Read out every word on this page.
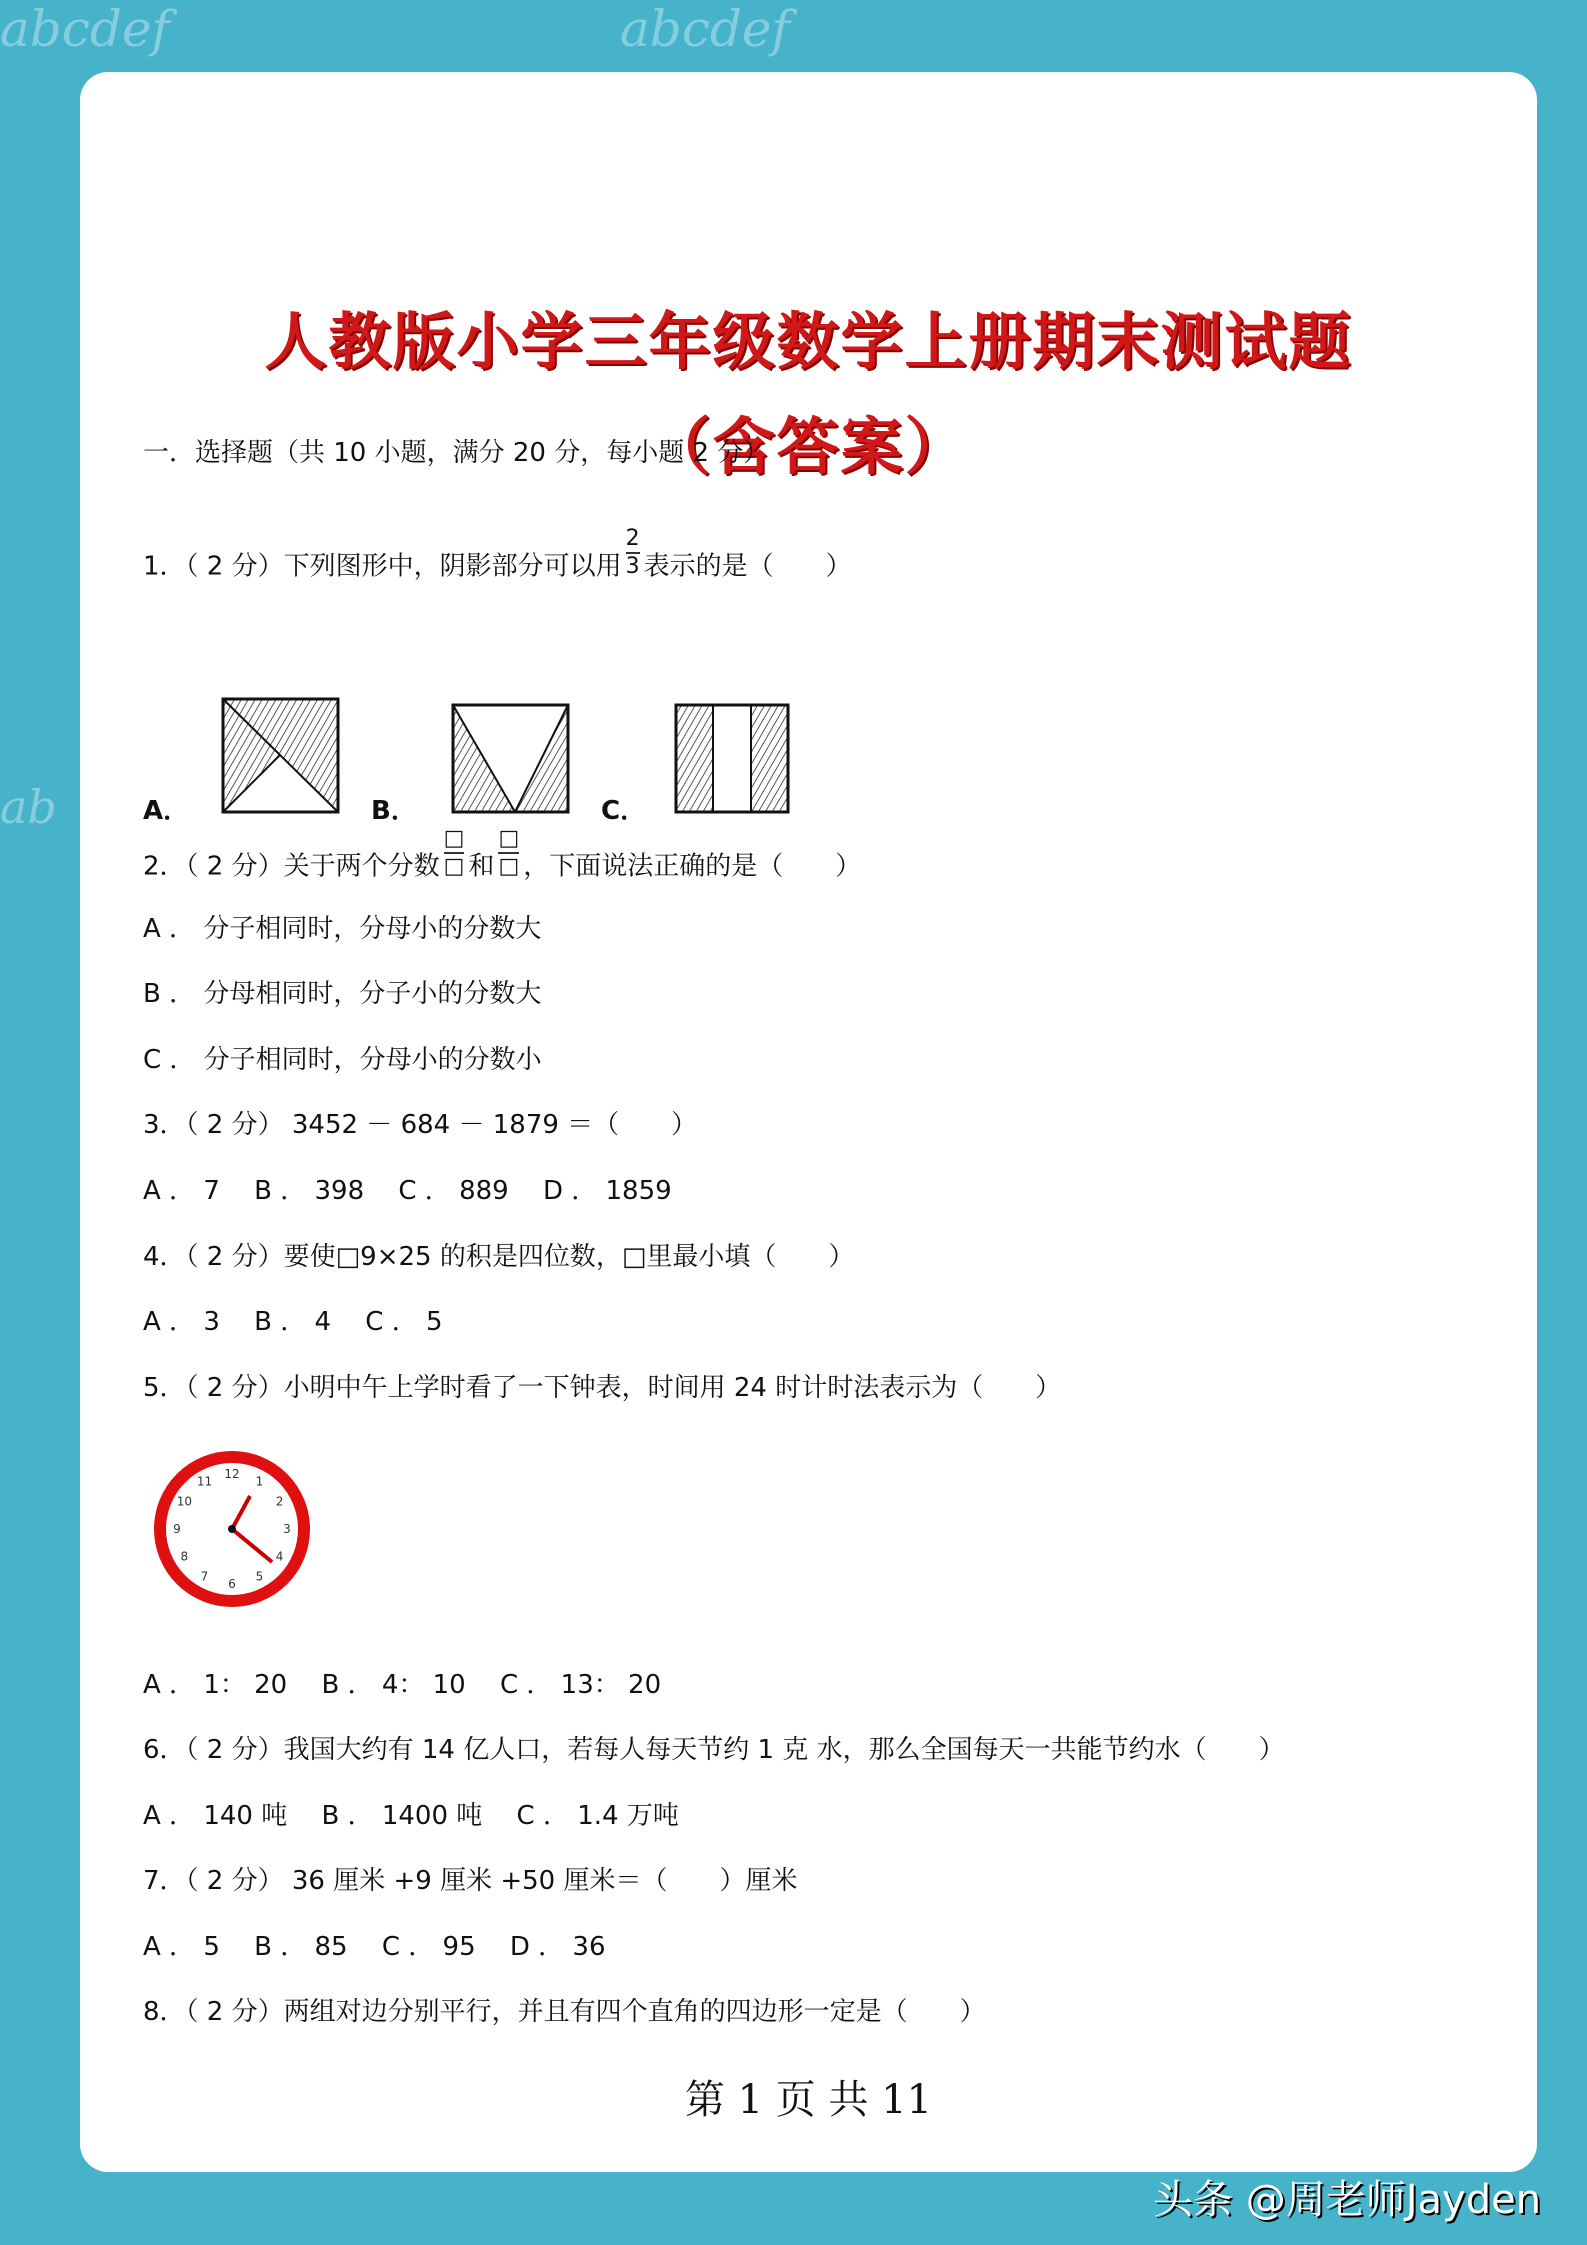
abcdef	abcdef
ab
人教版小学三年级数学上册期末测试题
（含答案）
一．选择题（共 10 小题，满分 20 分，每小题 2 分）
1．（ 2 分）下列图形中，阴影部分可以用 $\frac{2}{3}$ 表示的是（　　）
A．	B．	C．
2．（ 2 分）关于两个分数 $\frac{□}{□}$ 和 $\frac{□}{□}$ ，下面说法正确的是（　　）
A ． 分子相同时，分母小的分数大
B ． 分母相同时，分子小的分数大
C ． 分子相同时，分母小的分数小
3．（ 2 分） 3452 － 684 － 1879 ＝（　　）
A ． 7　 B ． 398　 C ． 889　 D ． 1859
4．（ 2 分）要使□9×25 的积是四位数，□里最小填（　　）
A ． 3　 B ． 4　 C ． 5
5．（ 2 分）小明中午上学时看了一下钟表，时间用 24 时计时法表示为（　　）
12
1
2
3
4
5
6
7
8
9
10
11
A ． 1： 20　 B ． 4： 10　 C ． 13： 20
6．（ 2 分）我国大约有 14 亿人口，若每人每天节约 1 克 水，那么全国每天一共能节约水（　　）
A ． 140 吨　 B ． 1400 吨　 C ． 1.4 万吨
7．（ 2 分） 36 厘米 +9 厘米 +50 厘米＝（　　）厘米
A ． 5　 B ． 85　 C ． 95　 D ． 36
8．（ 2 分）两组对边分别平行，并且有四个直角的四边形一定是（　　）
第 1 页 共 11
头条 @周老师Jayden
